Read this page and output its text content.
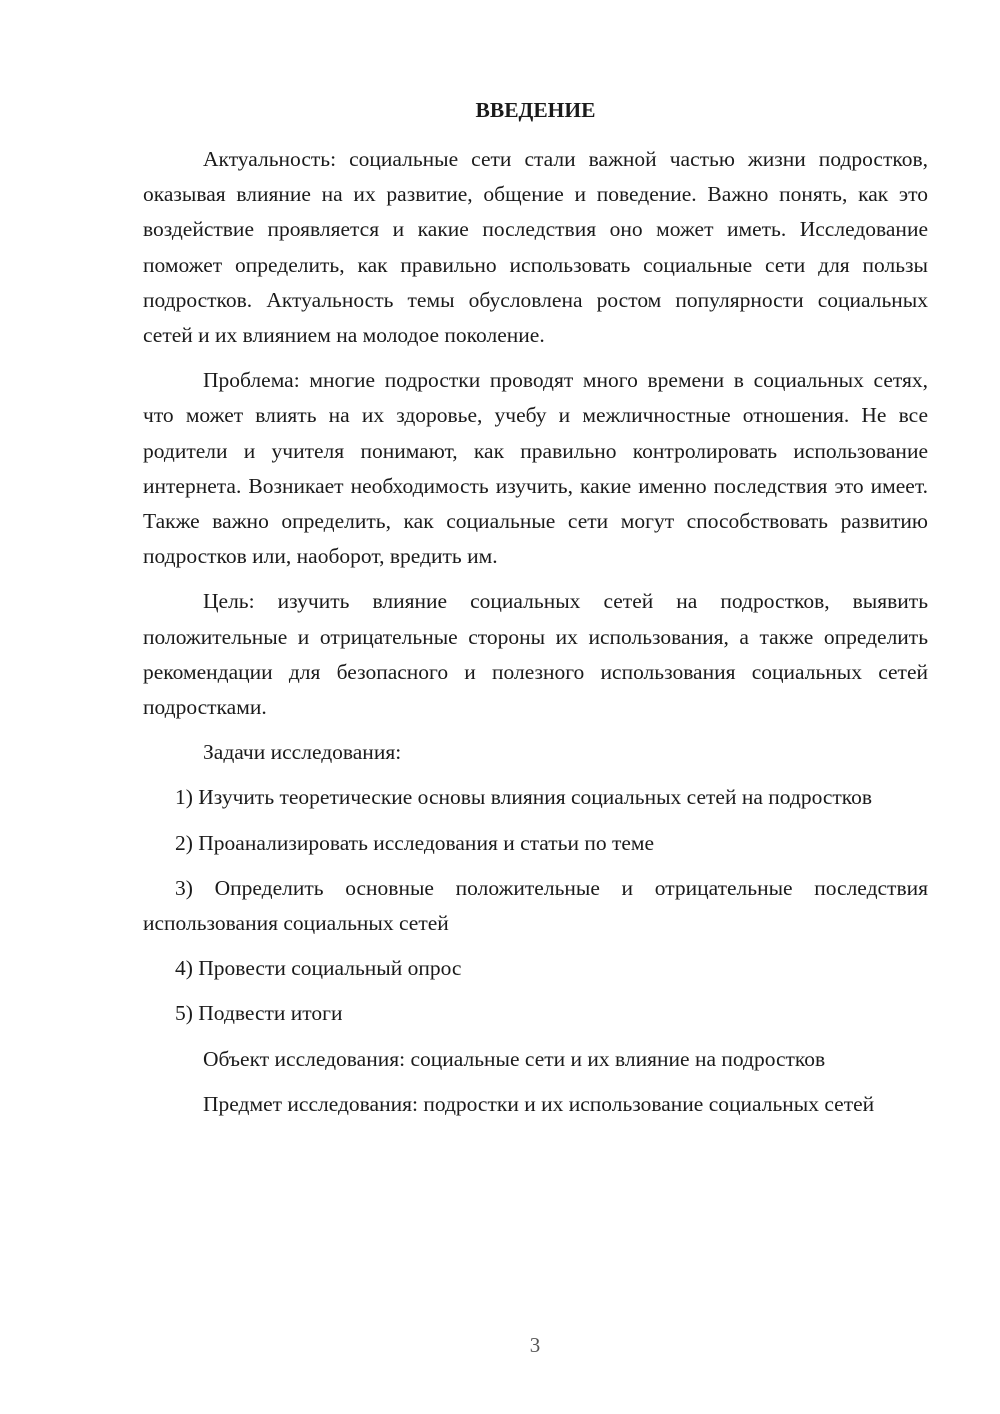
ВВЕДЕНИЕ

Актуальность: социальные сети стали важной частью жизни подростков, оказывая влияние на их развитие, общение и поведение. Важно понять, как это воздействие проявляется и какие последствия оно может иметь. Исследование поможет определить, как правильно использовать социальные сети для пользы подростков. Актуальность темы обусловлена ростом популярности социальных сетей и их влиянием на молодое поколение.

Проблема: многие подростки проводят много времени в социальных сетях, что может влиять на их здоровье, учебу и межличностные отношения. Не все родители и учителя понимают, как правильно контролировать использование интернета. Возникает необходимость изучить, какие именно последствия это имеет. Также важно определить, как социальные сети могут способствовать развитию подростков или, наоборот, вредить им.

Цель: изучить влияние социальных сетей на подростков, выявить положительные и отрицательные стороны их использования, а также определить рекомендации для безопасного и полезного использования социальных сетей подростками.

Задачи исследования:

1) Изучить теоретические основы влияния социальных сетей на подростков

2) Проанализировать исследования и статьи по теме

3) Определить основные положительные и отрицательные последствия использования социальных сетей

4) Провести социальный опрос

5) Подвести итоги

Объект исследования: социальные сети и их влияние на подростков

Предмет исследования: подростки и их использование социальных сетей

3
